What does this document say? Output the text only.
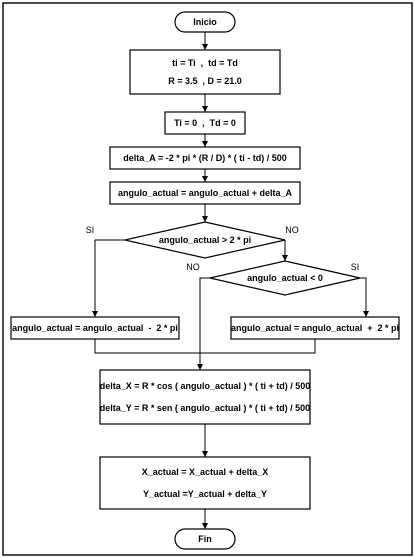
Inicio
ti = Ti  ,  td = Td
R = 3.5  , D = 21.0
Ti = 0  ,  Td = 0
delta_A = -2 * pi * (R / D) * ( ti - td) / 500
angulo_actual = angulo_actual + delta_A
angulo_actual > 2 * pi
angulo_actual < 0
angulo_actual = angulo_actual  -  2 * pi	angulo_actual = angulo_actual  +  2 * pi
delta_X = R * cos ( angulo_actual ) * ( ti + td) / 500
delta_Y = R * sen ( angulo_actual ) * ( ti + td) / 500
X_actual = X_actual + delta_X
Y_actual =Y_actual + delta_Y
Fin
SI	NO
SI
NO
